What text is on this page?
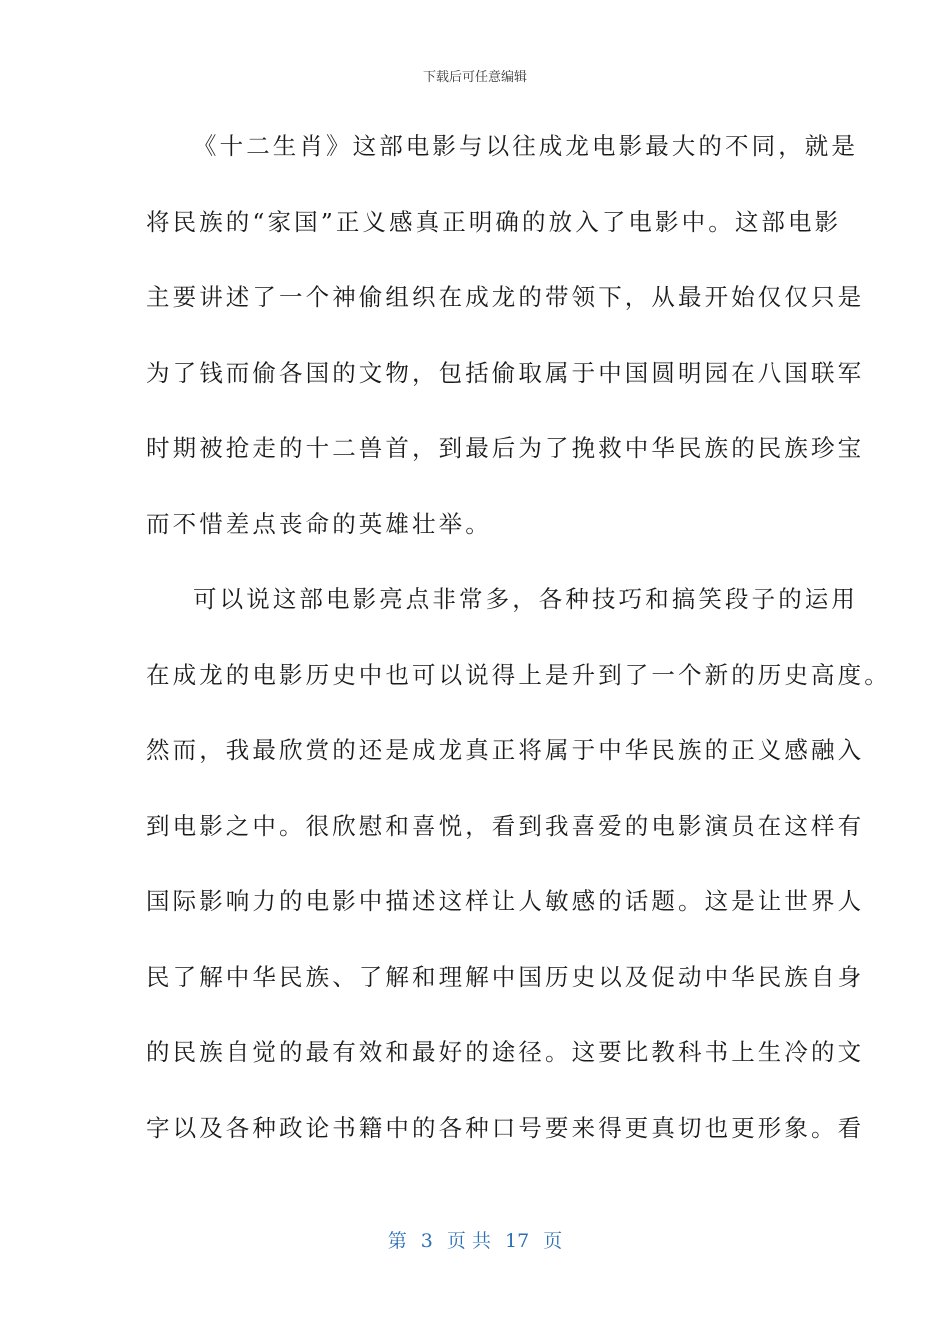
下载后可任意编辑
《十二生肖》这部电影与以往成龙电影最大的不同，就是
将民族的“家国”正义感真正明确的放入了电影中。这部电影
主要讲述了一个神偷组织在成龙的带领下，从最开始仅仅只是
为了钱而偷各国的文物，包括偷取属于中国圆明园在八国联军
时期被抢走的十二兽首，到最后为了挽救中华民族的民族珍宝
而不惜差点丧命的英雄壮举。
可以说这部电影亮点非常多，各种技巧和搞笑段子的运用
在成龙的电影历史中也可以说得上是升到了一个新的历史高度。
然而，我最欣赏的还是成龙真正将属于中华民族的正义感融入
到电影之中。很欣慰和喜悦，看到我喜爱的电影演员在这样有
国际影响力的电影中描述这样让人敏感的话题。这是让世界人
民了解中华民族、了解和理解中国历史以及促动中华民族自身
的民族自觉的最有效和最好的途径。这要比教科书上生冷的文
字以及各种政论书籍中的各种口号要来得更真切也更形象。看
第 3 页 共 17 页
